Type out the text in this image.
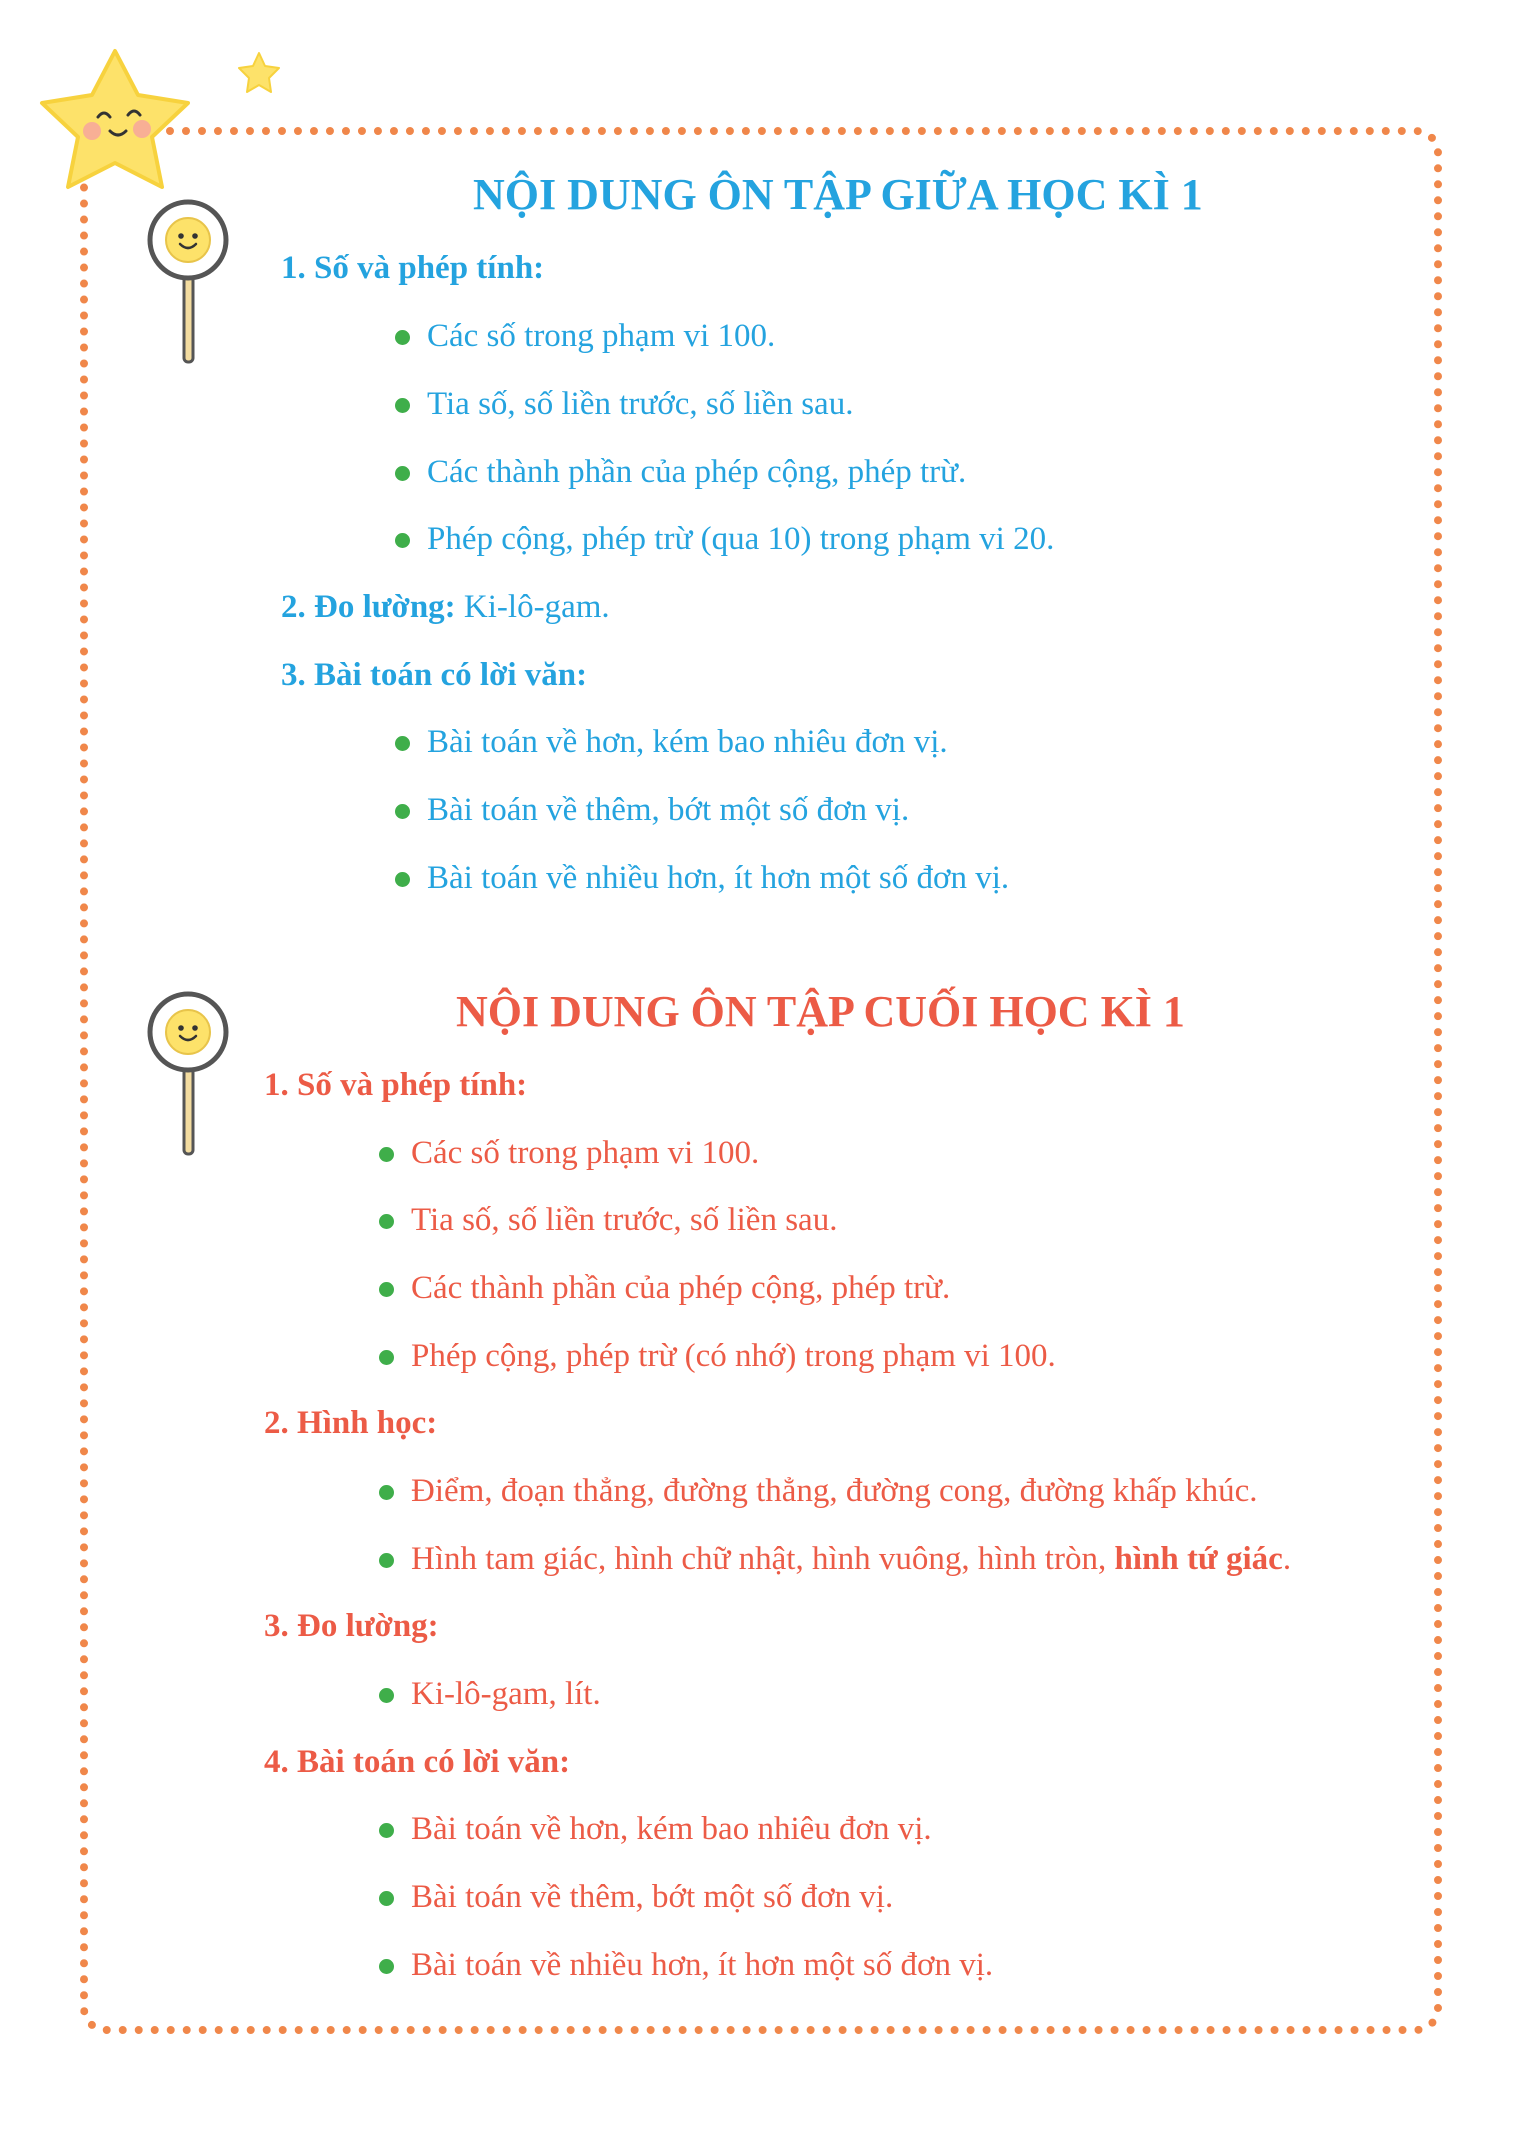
NỘI DUNG ÔN TẬP GIỮA HỌC KÌ 1
1. Số và phép tính:
Các số trong phạm vi 100.
Tia số, số liền trước, số liền sau.
Các thành phần của phép cộng, phép trừ.
Phép cộng, phép trừ (qua 10) trong phạm vi 20.
2. Đo lường: Ki-lô-gam.
3. Bài toán có lời văn:
Bài toán về hơn, kém bao nhiêu đơn vị.
Bài toán về thêm, bớt một số đơn vị.
Bài toán về nhiều hơn, ít hơn một số đơn vị.
NỘI DUNG ÔN TẬP CUỐI HỌC KÌ 1
1. Số và phép tính:
Các số trong phạm vi 100.
Tia số, số liền trước, số liền sau.
Các thành phần của phép cộng, phép trừ.
Phép cộng, phép trừ (có nhớ) trong phạm vi 100.
2. Hình học:
Điểm, đoạn thẳng, đường thẳng, đường cong, đường khấp khúc.
Hình tam giác, hình chữ nhật, hình vuông, hình tròn, hình tứ giác.
3. Đo lường:
Ki-lô-gam, lít.
4. Bài toán có lời văn:
Bài toán về hơn, kém bao nhiêu đơn vị.
Bài toán về thêm, bớt một số đơn vị.
Bài toán về nhiều hơn, ít hơn một số đơn vị.
